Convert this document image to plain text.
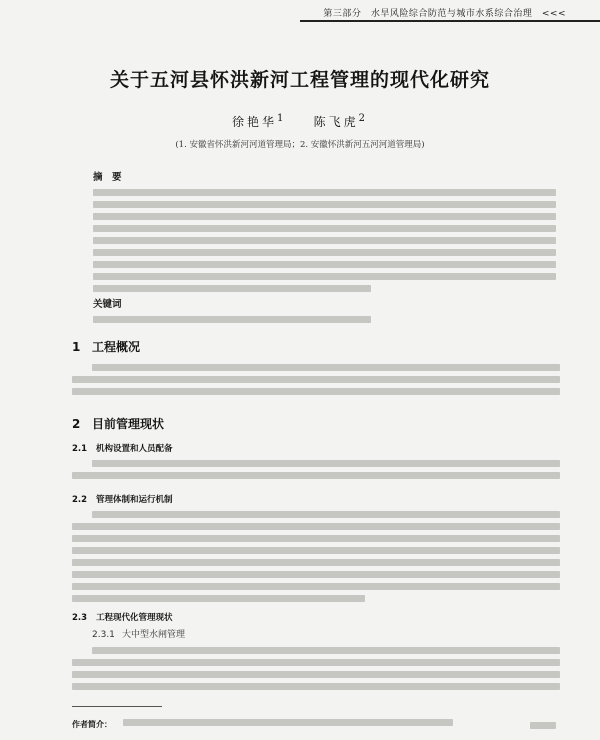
第三部分　水旱风险综合防范与城市水系综合治理　<<<
关于五河县怀洪新河工程管理的现代化研究
徐艳华$^1$ 陈飞虎$^2$
(1. 安徽省怀洪新河河道管理局；2. 安徽怀洪新河五河河道管理局)
摘　要
关键词
1 工程概况
2 目前管理现状
2.1 机构设置和人员配备
2.2 管理体制和运行机制
2.3 工程现代化管理现状
2.3.1 大中型水闸管理
作者简介：
